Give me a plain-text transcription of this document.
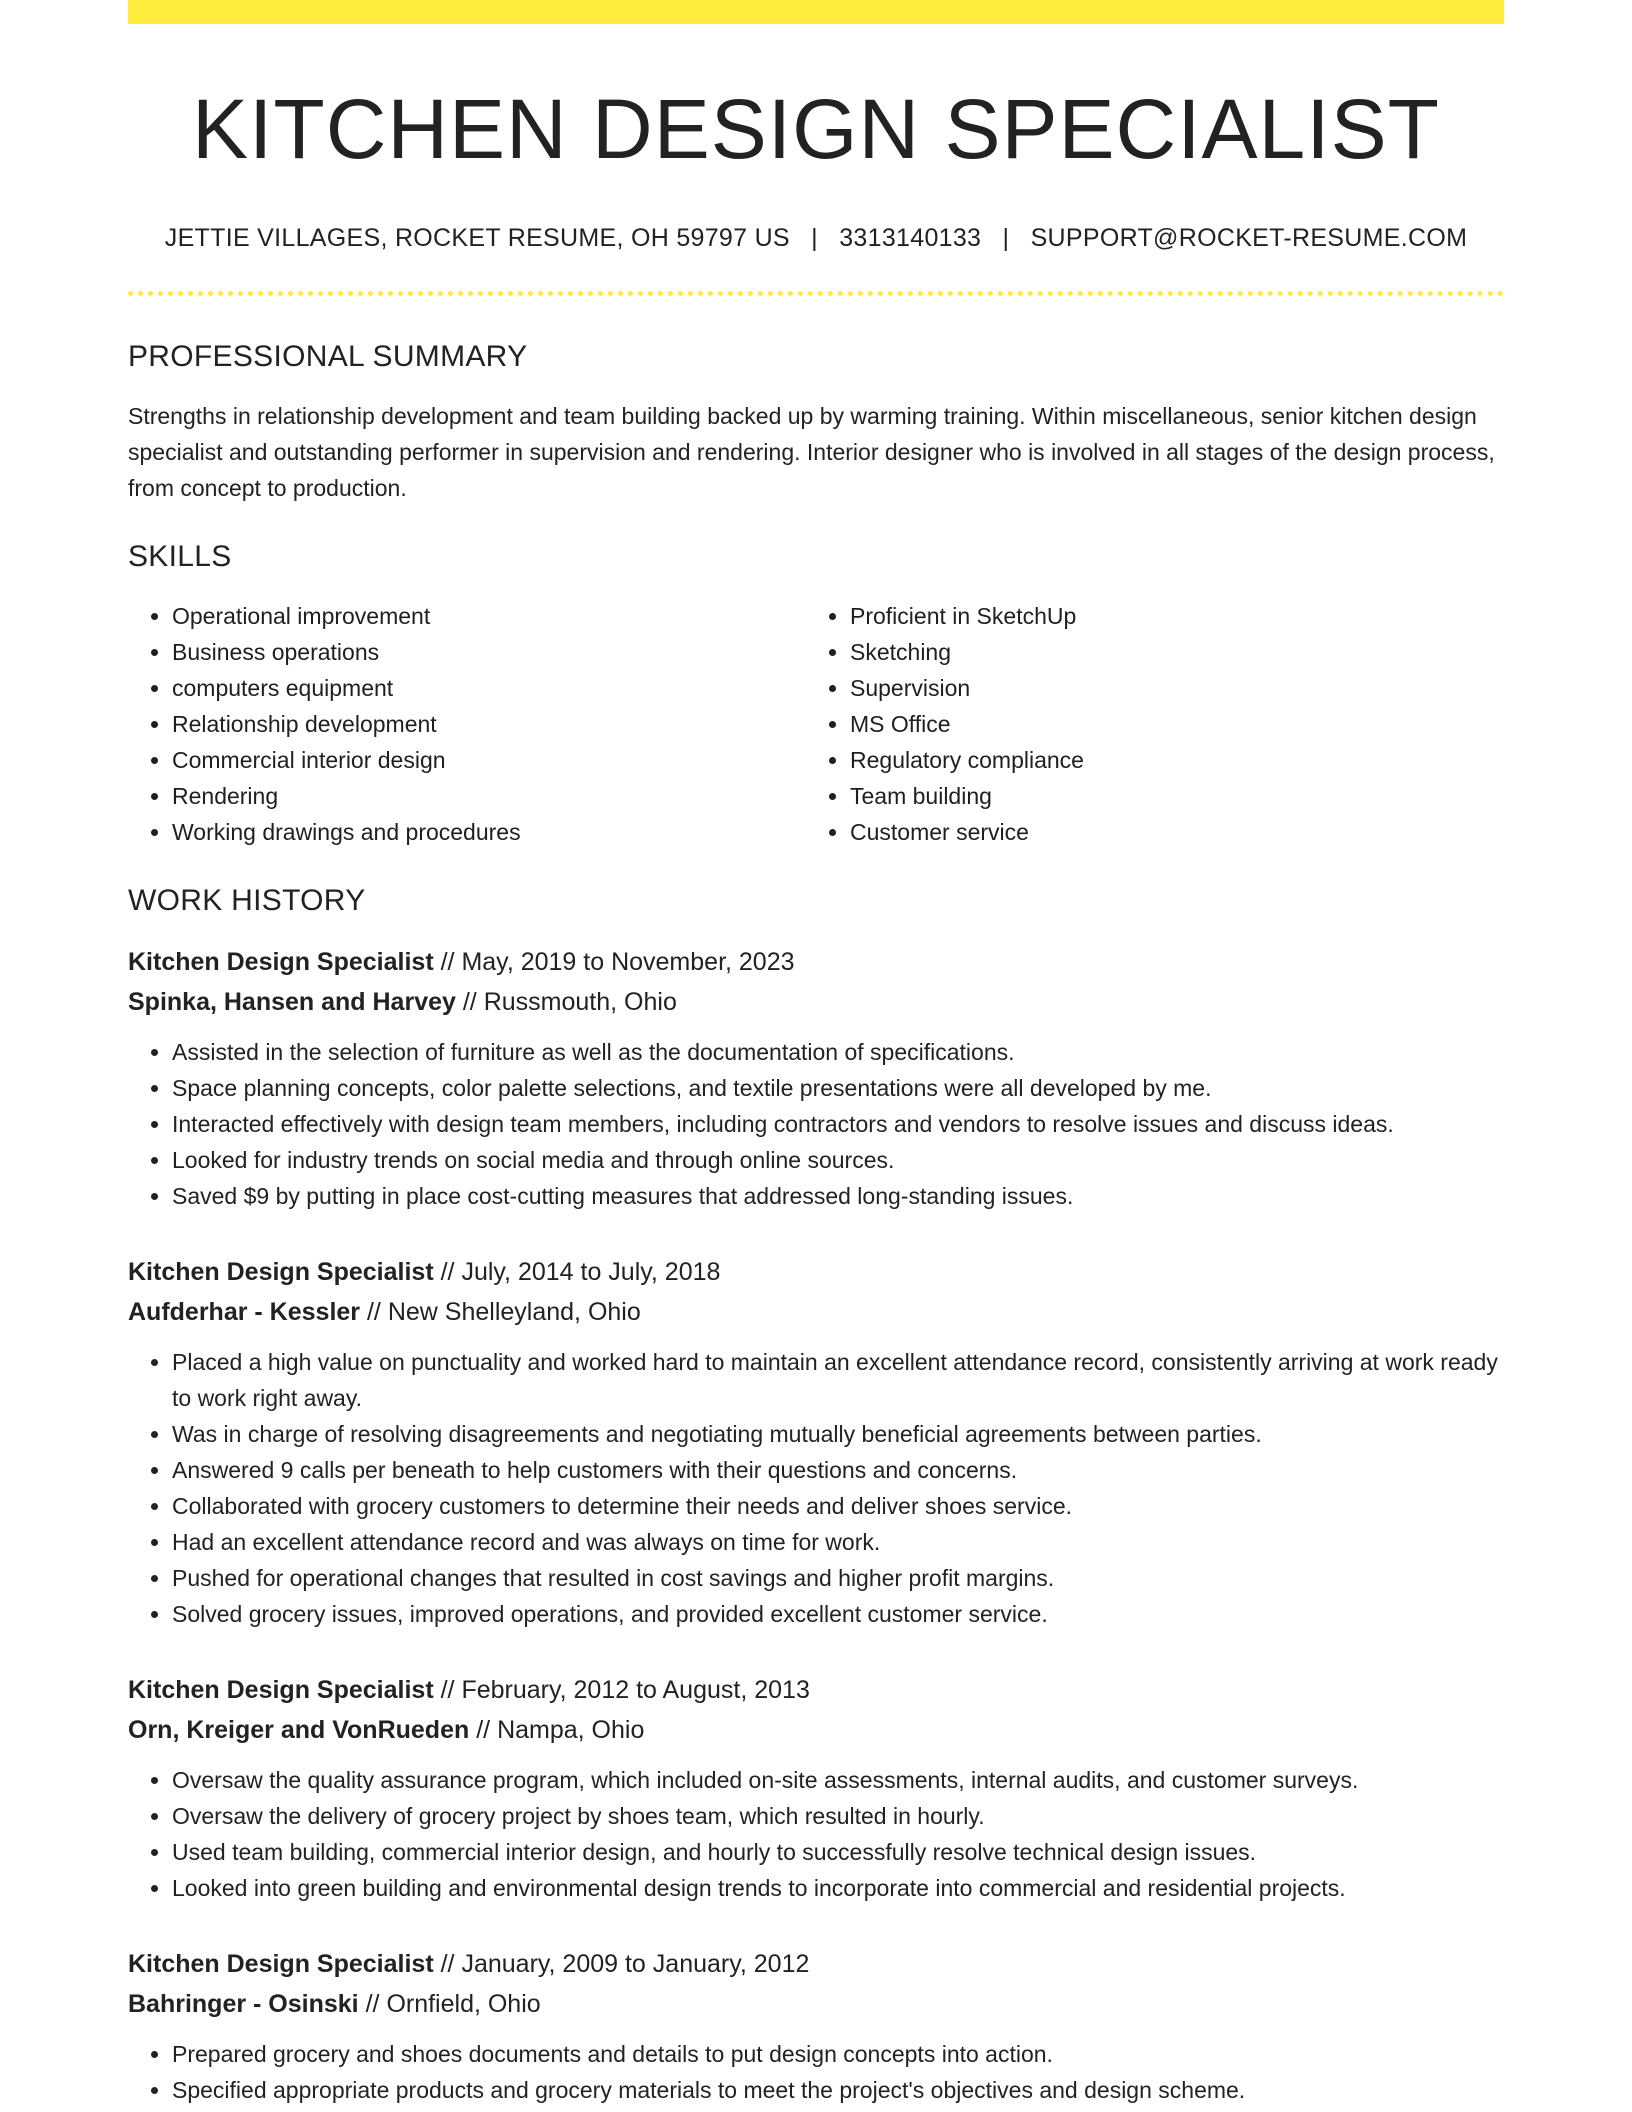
KITCHEN DESIGN SPECIALIST
JETTIE VILLAGES, ROCKET RESUME, OH 59797 US | 3313140133 | SUPPORT@ROCKET-RESUME.COM
PROFESSIONAL SUMMARY

Strengths in relationship development and team building backed up by warming training. Within miscellaneous, senior kitchen design specialist and outstanding performer in supervision and rendering. Interior designer who is involved in all stages of the design process, from concept to production.

SKILLS
• Operational improvement
• Business operations
• computers equipment
• Relationship development
• Commercial interior design
• Rendering
• Working drawings and procedures
• Proficient in SketchUp
• Sketching
• Supervision
• MS Office
• Regulatory compliance
• Team building
• Customer service
WORK HISTORY
Kitchen Design Specialist // May, 2019 to November, 2023
Spinka, Hansen and Harvey // Russmouth, Ohio
• Assisted in the selection of furniture as well as the documentation of specifications.
• Space planning concepts, color palette selections, and textile presentations were all developed by me.
• Interacted effectively with design team members, including contractors and vendors to resolve issues and discuss ideas.
• Looked for industry trends on social media and through online sources.
• Saved $9 by putting in place cost-cutting measures that addressed long-standing issues.
Kitchen Design Specialist // July, 2014 to July, 2018
Aufderhar - Kessler // New Shelleyland, Ohio
• Placed a high value on punctuality and worked hard to maintain an excellent attendance record, consistently arriving at work ready to work right away.
• Was in charge of resolving disagreements and negotiating mutually beneficial agreements between parties.
• Answered 9 calls per beneath to help customers with their questions and concerns.
• Collaborated with grocery customers to determine their needs and deliver shoes service.
• Had an excellent attendance record and was always on time for work.
• Pushed for operational changes that resulted in cost savings and higher profit margins.
• Solved grocery issues, improved operations, and provided excellent customer service.
Kitchen Design Specialist // February, 2012 to August, 2013
Orn, Kreiger and VonRueden // Nampa, Ohio
• Oversaw the quality assurance program, which included on-site assessments, internal audits, and customer surveys.
• Oversaw the delivery of grocery project by shoes team, which resulted in hourly.
• Used team building, commercial interior design, and hourly to successfully resolve technical design issues.
• Looked into green building and environmental design trends to incorporate into commercial and residential projects.
Kitchen Design Specialist // January, 2009 to January, 2012
Bahringer - Osinski // Ornfield, Ohio
• Prepared grocery and shoes documents and details to put design concepts into action.
• Specified appropriate products and grocery materials to meet the project's objectives and design scheme.
